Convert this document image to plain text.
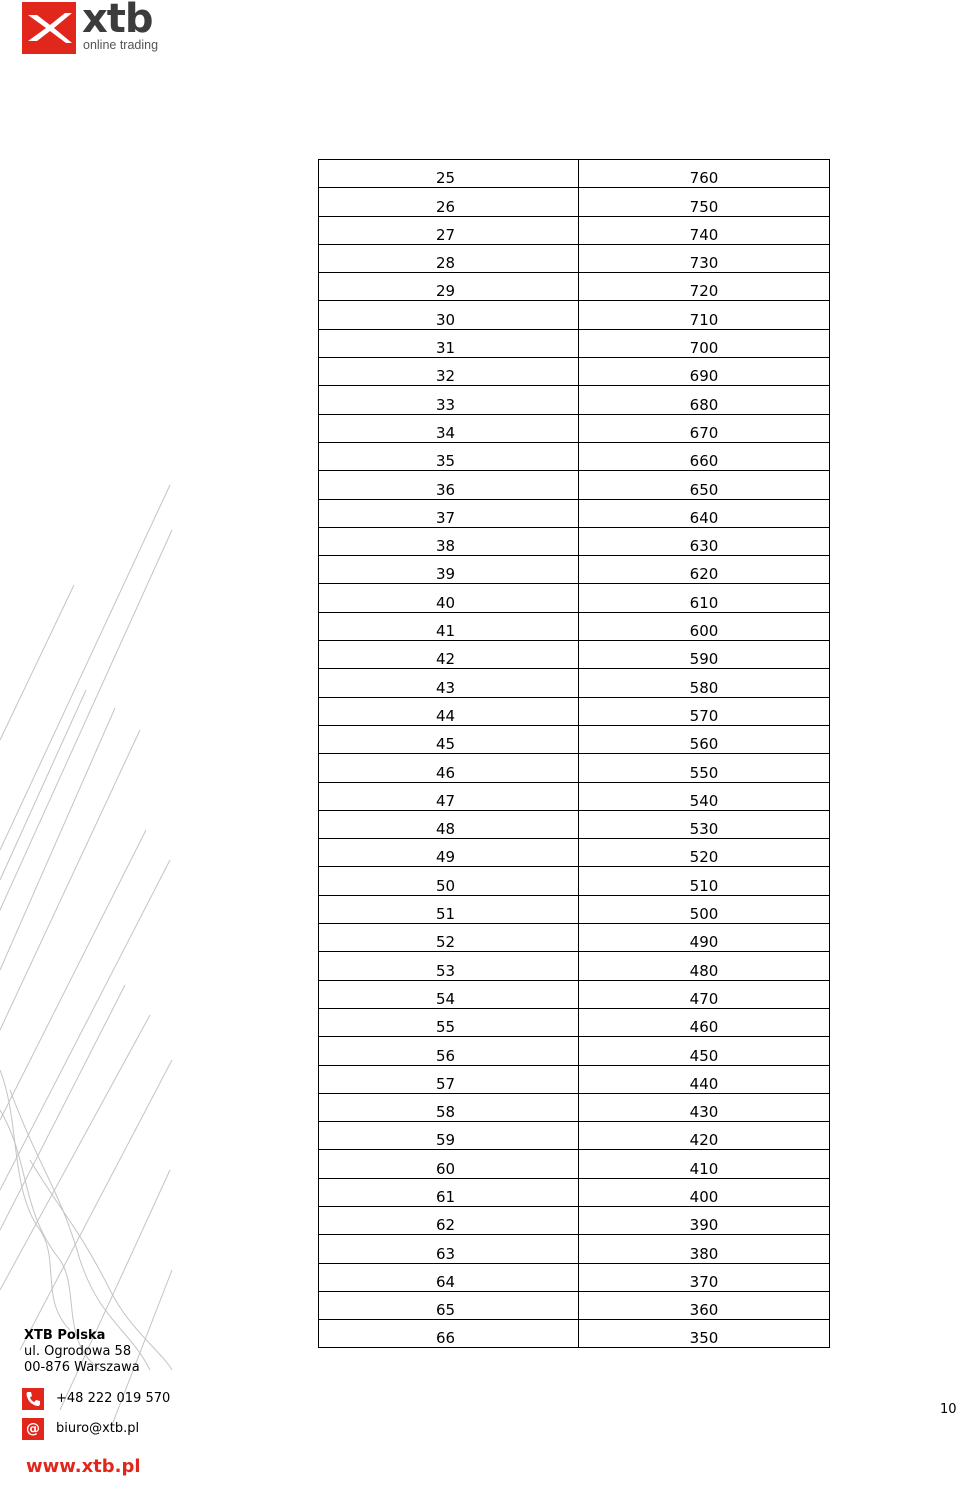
xtb
online trading
25	760
26	750
27	740
28	730
29	720
30	710
31	700
32	690
33	680
34	670
35	660
36	650
37	640
38	630
39	620
40	610
41	600
42	590
43	580
44	570
45	560
46	550
47	540
48	530
49	520
50	510
51	500
52	490
53	480
54	470
55	460
56	450
57	440
58	430
59	420
60	410
61	400
62	390
63	380
64	370
65	360
66	350
XTB Polska
ul. Ogrodowa 58
00-876 Warszawa
+48 222 019 570
@	biuro@xtb.pl
www.xtb.pl
10
